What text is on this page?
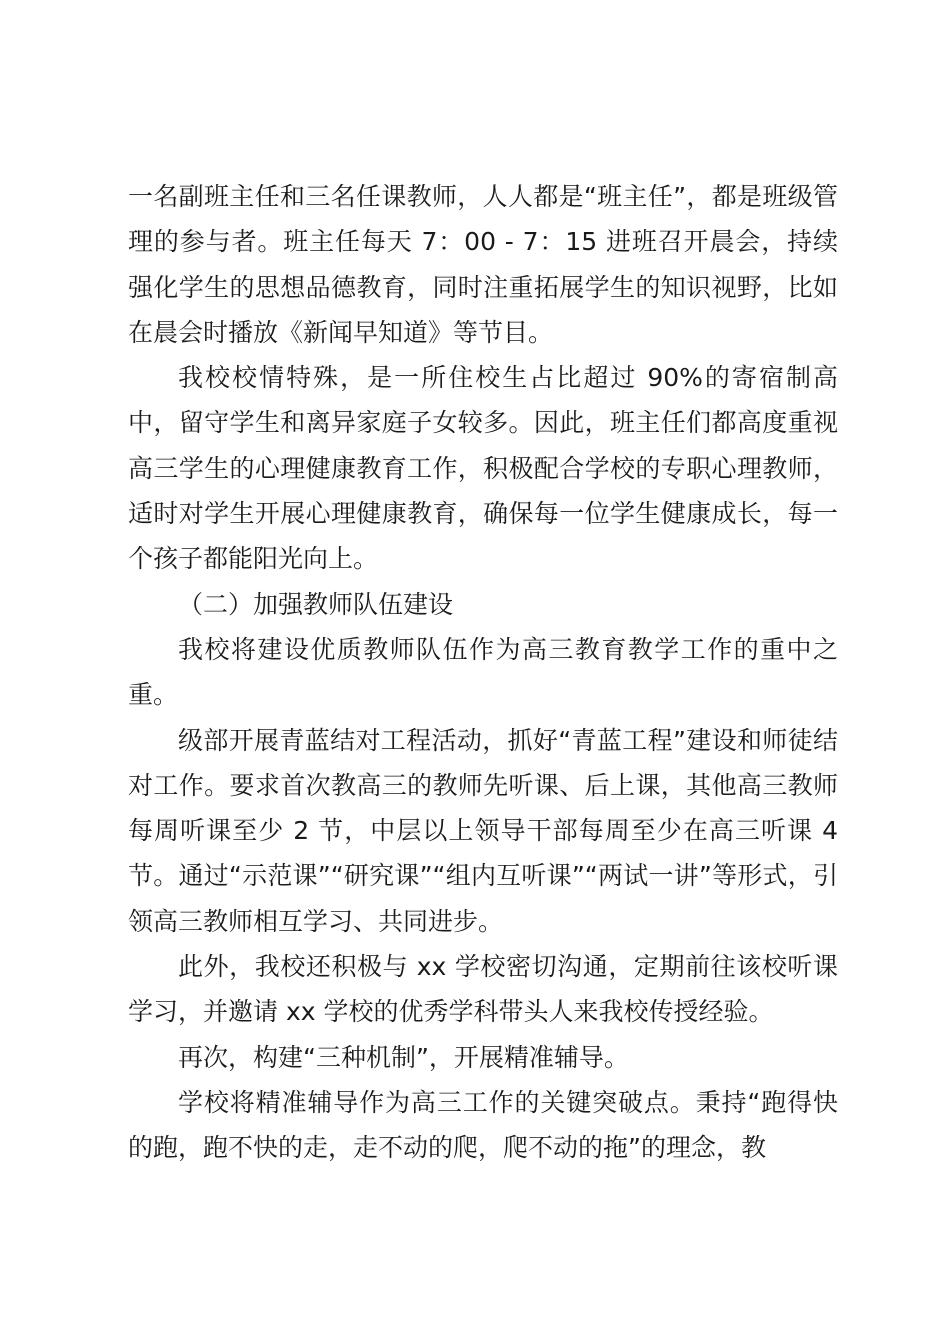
一名副班主任和三名任课教师，人人都是“班主任”，都是班级管理的参与者。班主任每天 7：00 - 7：15 进班召开晨会，持续强化学生的思想品德教育，同时注重拓展学生的知识视野，比如在晨会时播放《新闻早知道》等节目。

我校校情特殊，是一所住校生占比超过 90%的寄宿制高中，留守学生和离异家庭子女较多。因此，班主任们都高度重视高三学生的心理健康教育工作，积极配合学校的专职心理教师，适时对学生开展心理健康教育，确保每一位学生健康成长，每一个孩子都能阳光向上。

（二）加强教师队伍建设

我校将建设优质教师队伍作为高三教育教学工作的重中之重。

级部开展青蓝结对工程活动，抓好“青蓝工程”建设和师徒结对工作。要求首次教高三的教师先听课、后上课，其他高三教师每周听课至少 2 节，中层以上领导干部每周至少在高三听课 4 节。通过“示范课”“研究课”“组内互听课”“两试一讲”等形式，引领高三教师相互学习、共同进步。

此外，我校还积极与 xx 学校密切沟通，定期前往该校听课学习，并邀请 xx 学校的优秀学科带头人来我校传授经验。

再次，构建“三种机制”，开展精准辅导。

学校将精准辅导作为高三工作的关键突破点。秉持“跑得快的跑，跑不快的走，走不动的爬，爬不动的拖”的理念，教
